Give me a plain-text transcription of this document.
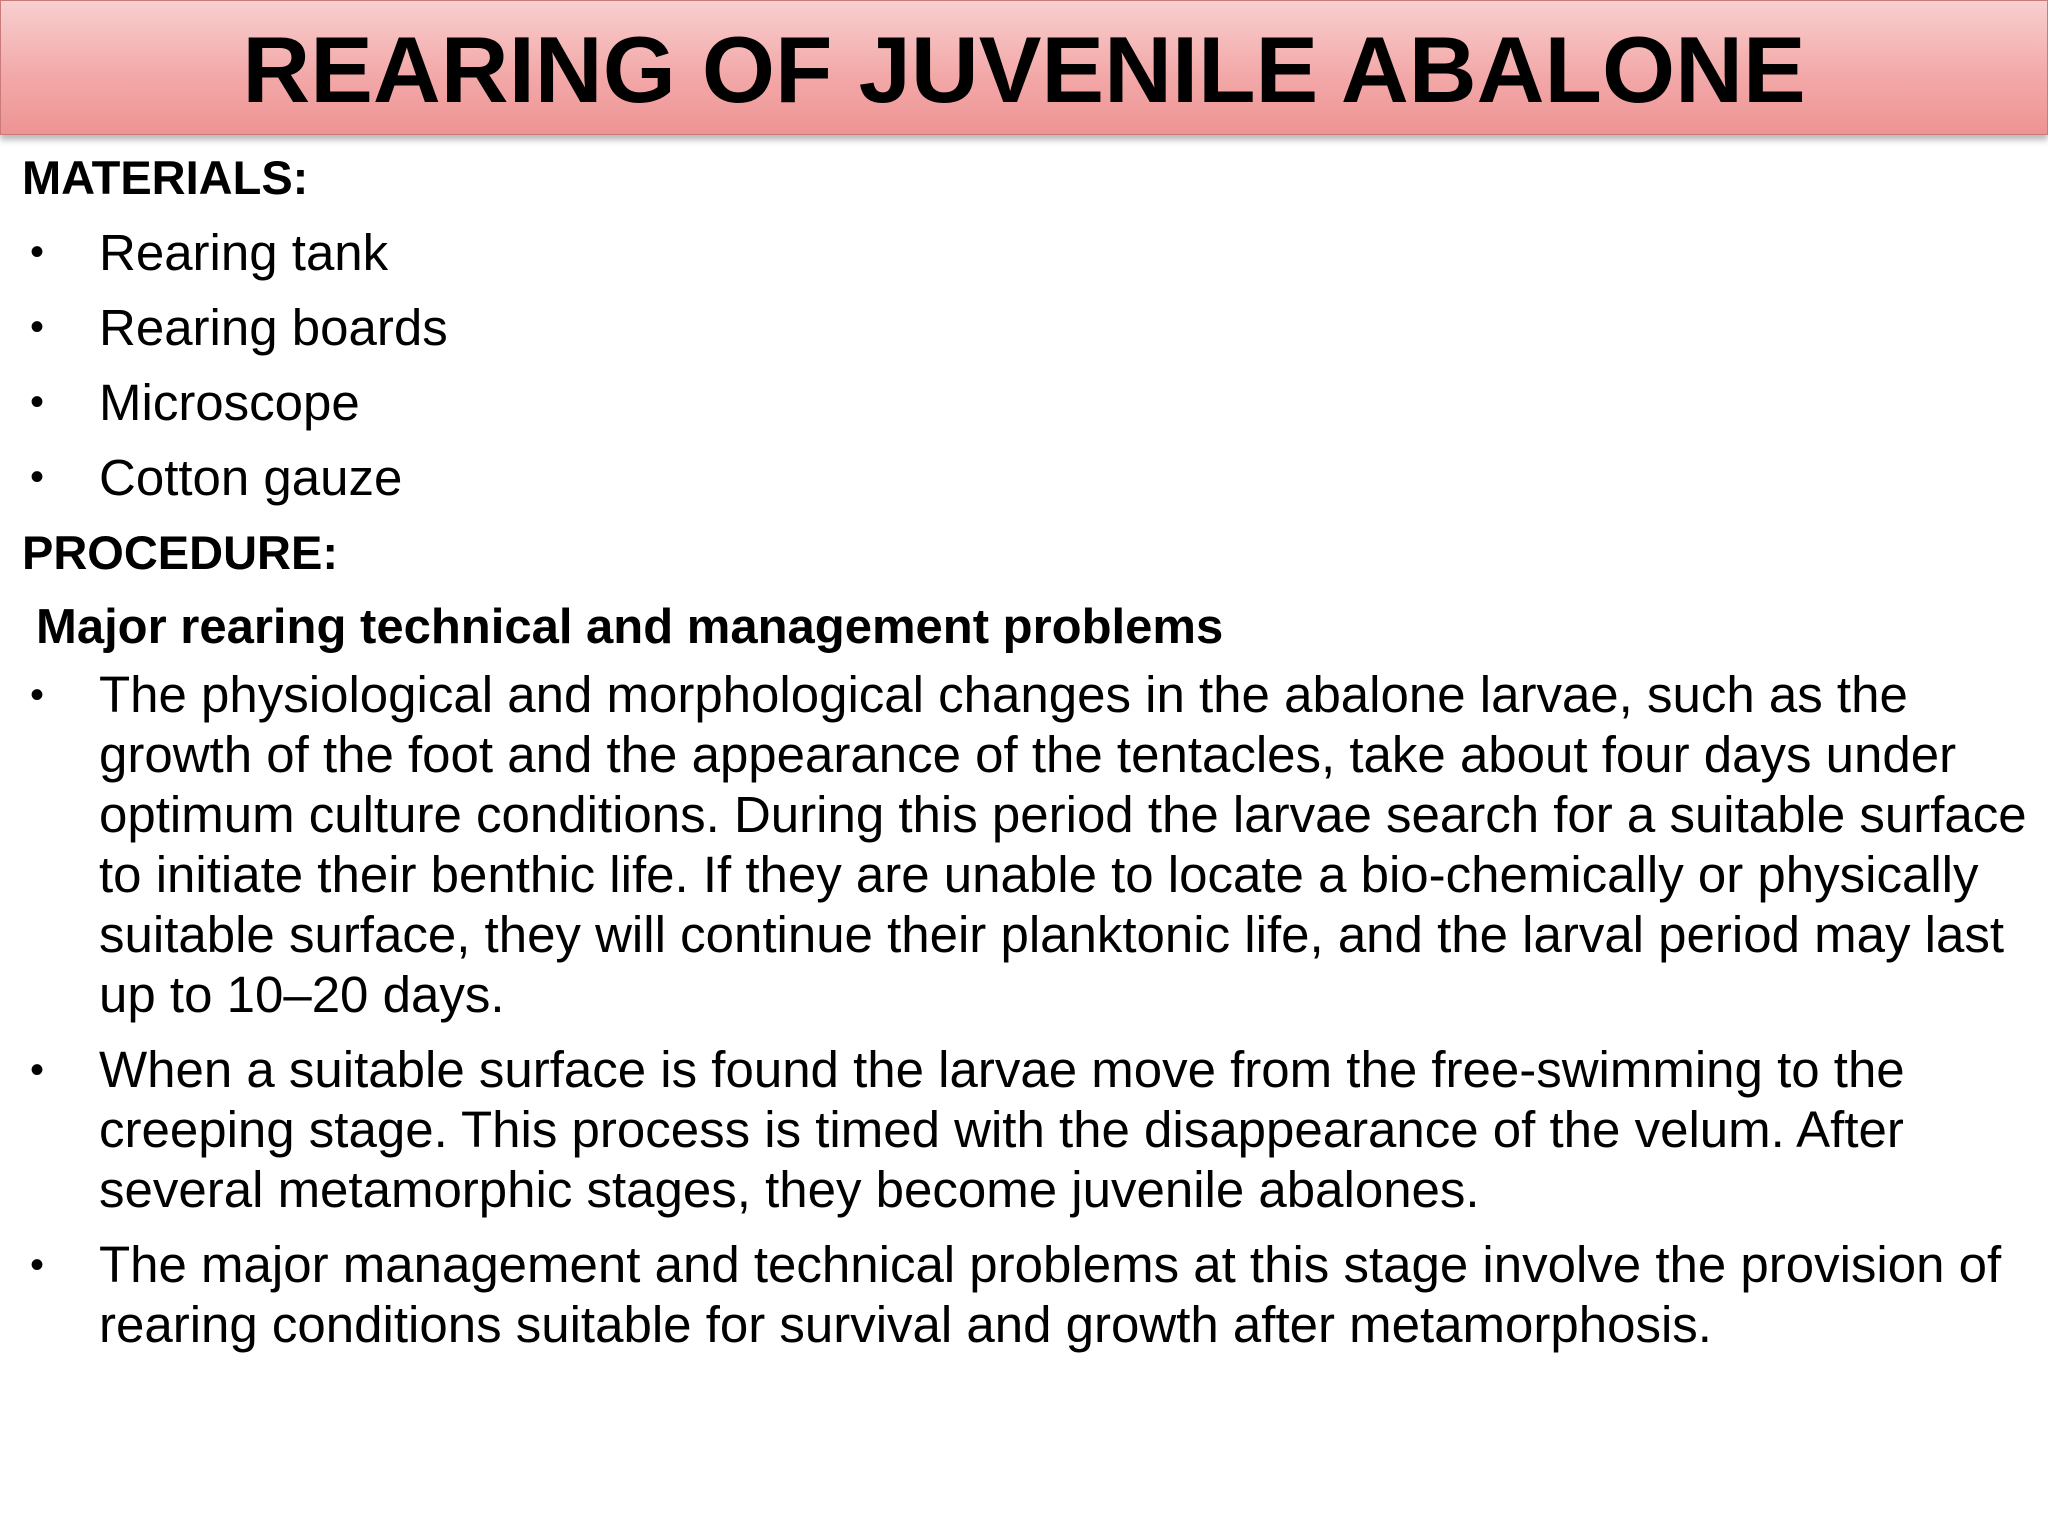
REARING OF JUVENILE ABALONE
MATERIALS:
• Rearing tank
• Rearing boards
• Microscope
• Cotton gauze
PROCEDURE:
Major rearing technical and management problems
• The physiological and morphological changes in the abalone larvae, such as the growth of the foot and the appearance of the tentacles, take about four days under optimum culture conditions. During this period the larvae search for a suitable surface to initiate their benthic life. If they are unable to locate a bio-chemically or physically suitable surface, they will continue their planktonic life, and the larval period may last up to 10–20 days.
• When a suitable surface is found the larvae move from the free-swimming to the creeping stage. This process is timed with the disappearance of the velum. After several metamorphic stages, they become juvenile abalones.
• The major management and technical problems at this stage involve the provision of rearing conditions suitable for survival and growth after metamorphosis.
